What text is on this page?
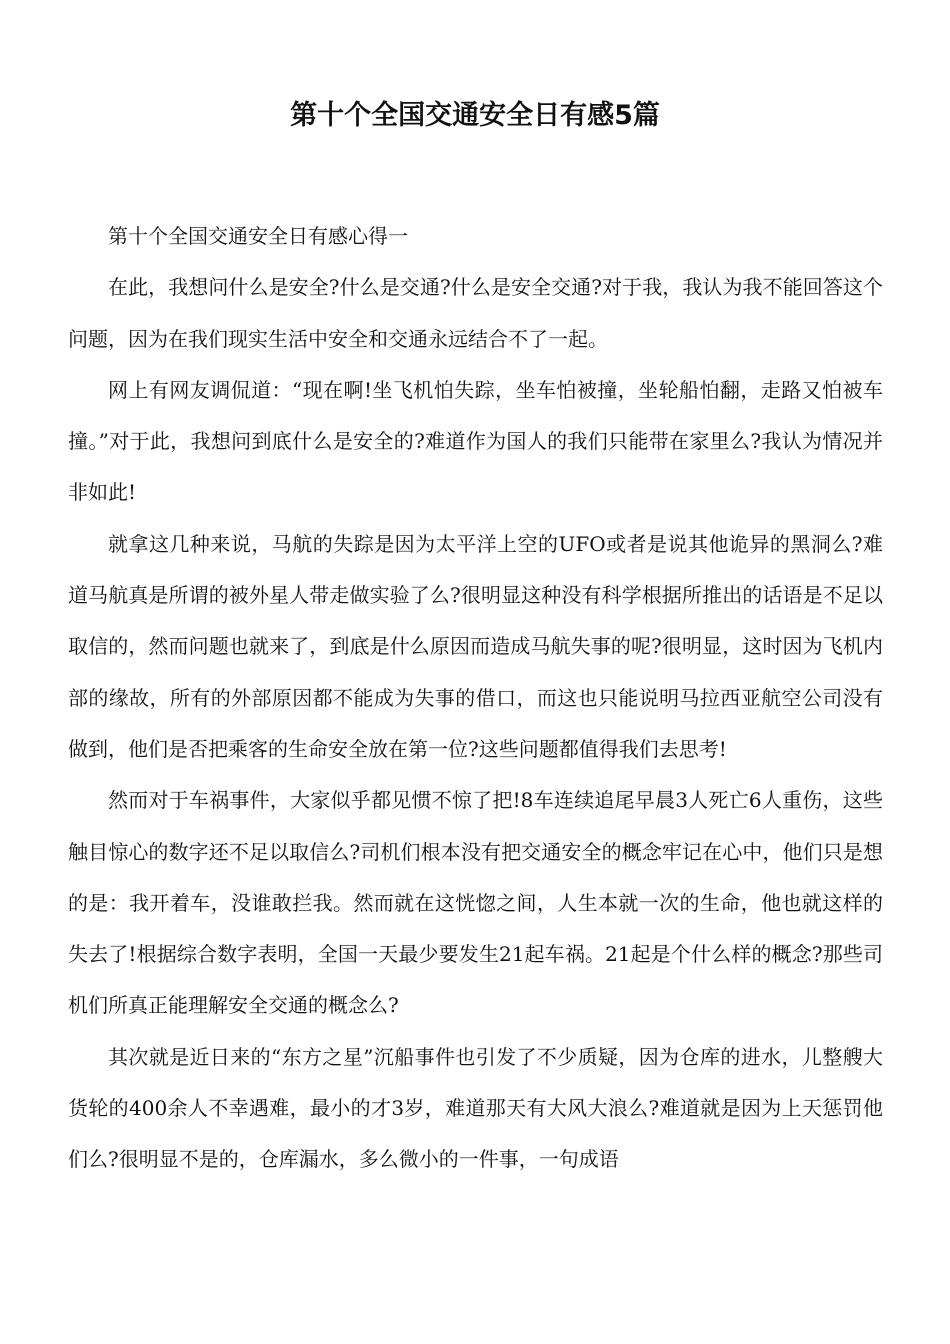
第十个全国交通安全日有感5篇

第十个全国交通安全日有感心得一

在此，我想问什么是安全?什么是交通?什么是安全交通?对于我，我认为我不能回答这个问题，因为在我们现实生活中安全和交通永远结合不了一起。

网上有网友调侃道：“现在啊!坐飞机怕失踪，坐车怕被撞，坐轮船怕翻，走路又怕被车撞。”对于此，我想问到底什么是安全的?难道作为国人的我们只能带在家里么?我认为情况并非如此!

就拿这几种来说，马航的失踪是因为太平洋上空的UFO或者是说其他诡异的黑洞么?难道马航真是所谓的被外星人带走做实验了么?很明显这种没有科学根据所推出的话语是不足以取信的，然而问题也就来了，到底是什么原因而造成马航失事的呢?很明显，这时因为飞机内部的缘故，所有的外部原因都不能成为失事的借口，而这也只能说明马拉西亚航空公司没有做到，他们是否把乘客的生命安全放在第一位?这些问题都值得我们去思考!

然而对于车祸事件，大家似乎都见惯不惊了把!8车连续追尾早晨3人死亡6人重伤，这些触目惊心的数字还不足以取信么?司机们根本没有把交通安全的概念牢记在心中，他们只是想的是：我开着车，没谁敢拦我。然而就在这恍惚之间，人生本就一次的生命，他也就这样的失去了!根据综合数字表明，全国一天最少要发生21起车祸。21起是个什么样的概念?那些司机们所真正能理解安全交通的概念么?

其次就是近日来的“东方之星”沉船事件也引发了不少质疑，因为仓库的进水，儿整艘大货轮的400余人不幸遇难，最小的才3岁，难道那天有大风大浪么?难道就是因为上天惩罚他们么?很明显不是的，仓库漏水，多么微小的一件事，一句成语
